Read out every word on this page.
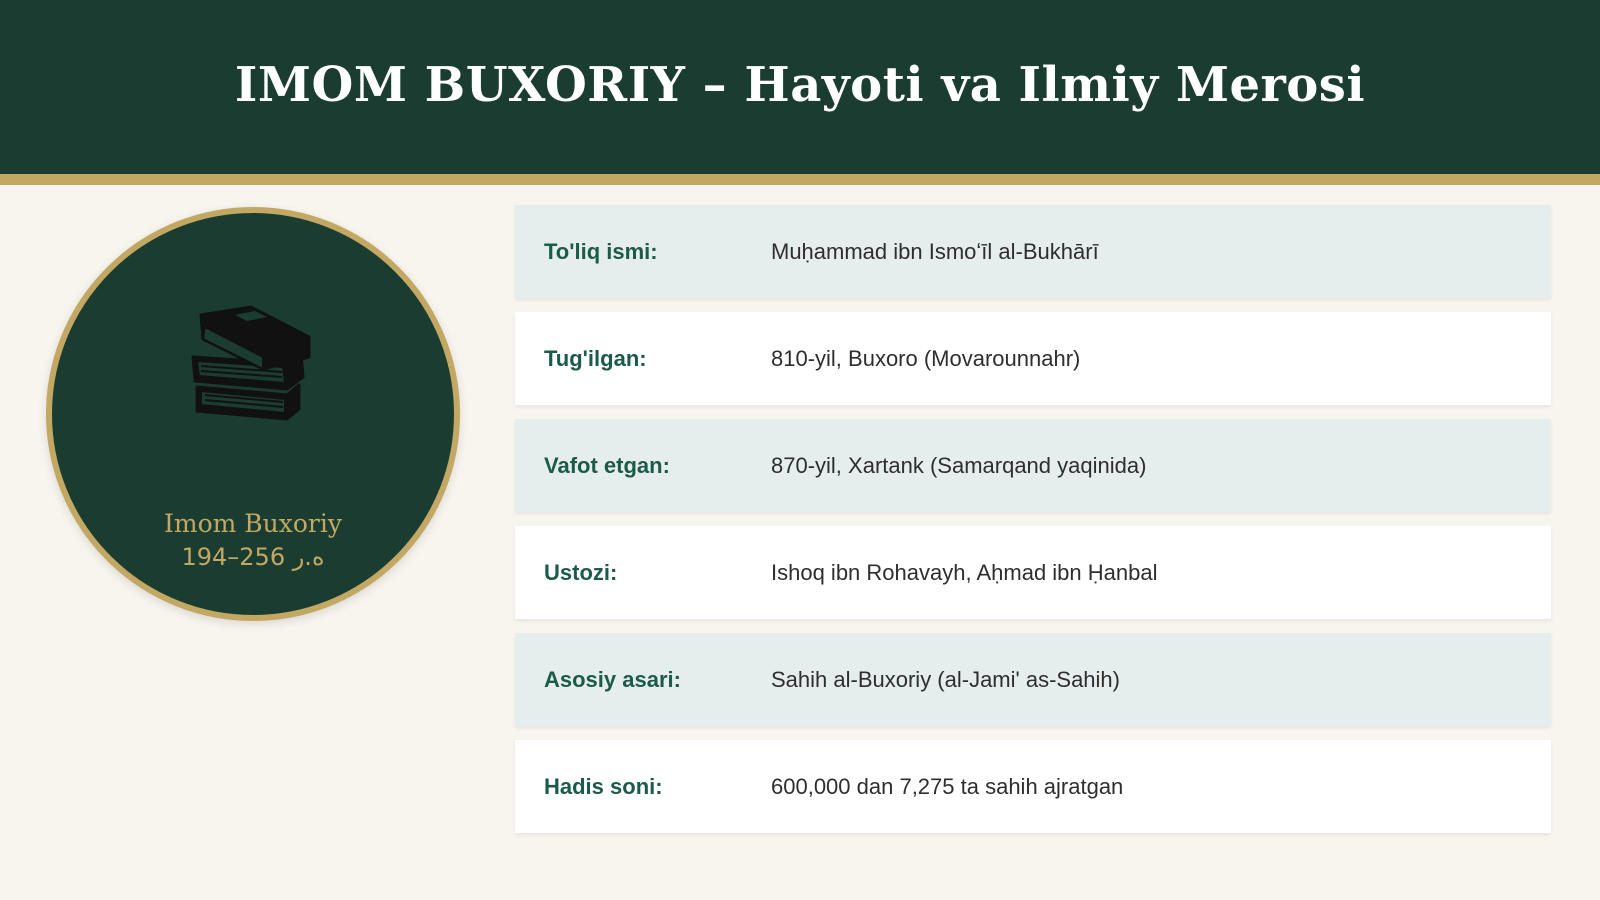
IMOM BUXORIY – Hayoti va Ilmiy Merosi
Imom Buxoriy
194–256 ه.ر
To'liq ismi:	Muḥammad ibn Ismoʻīl al-Bukhārī
Tug'ilgan:	810-yil, Buxoro (Movarounnahr)
Vafot etgan:	870-yil, Xartank (Samarqand yaqinida)
Ustozi:	Ishoq ibn Rohavayh, Aḥmad ibn Ḥanbal
Asosiy asari:	Sahih al-Buxoriy (al-Jami' as-Sahih)
Hadis soni:	600,000 dan 7,275 ta sahih ajratgan
